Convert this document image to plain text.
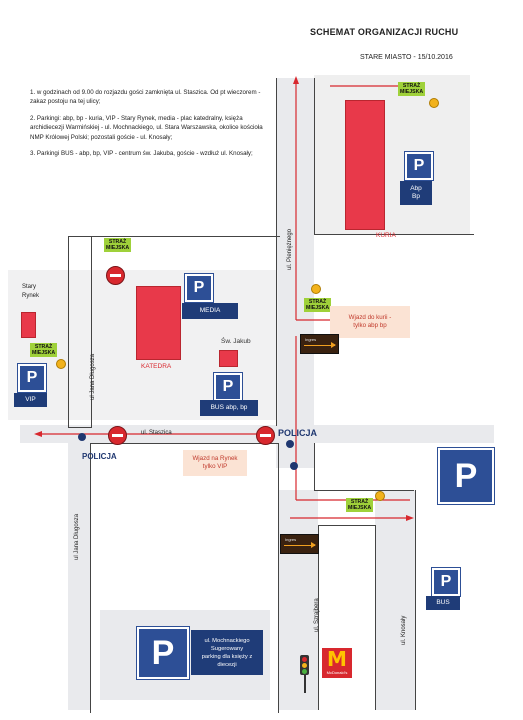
SCHEMAT ORGANIZACJI RUCHU
STARE MIASTO - 15/10.2016

1. w godzinach od 9.00 do rozjazdu gości zamknięta ul. Staszica. Od pt wieczorem - zakaz postoju na tej ulicy;

2. Parkingi: abp, bp - kuria, VIP - Stary Rynek, media - plac katedralny, księża archidiecezji Warmińskiej - ul. Mochnackiego, ul. Stara Warszawska, okolice kościoła NMP Królowej Polski; pozostali goście - ul. Knosały;

3. Parkingi BUS - abp, bp, VIP - centrum św. Jakuba, goście - wzdłuż ul. Knosały;

KURIA
KATEDRA
Stary Rynek
Św. Jakub
P
Abp
Bp
P
MEDIA
P
VIP
P
BUS abp, bp
P
P
BUS
P	ul. Mochnackiego
Sugerowany
parking dla księży z
diecezji
STRAŻ
MIEJSKA
STRAŻ
MIEJSKA
STRAŻ
MIEJSKA
STRAŻ
MIEJSKA
STRAŻ
MIEJSKA
POLICJA
POLICJA
Wjazd do kurii -
tylko abp bp
Wjazd na Rynek
tylko VIP
Ingres
Ingres
ul. Pieniężnego
ul Jana Długosza
ul Jana Długosza
ul. Staszica
ul. Szrajbera	ul. Knosały
M
McDonald's
